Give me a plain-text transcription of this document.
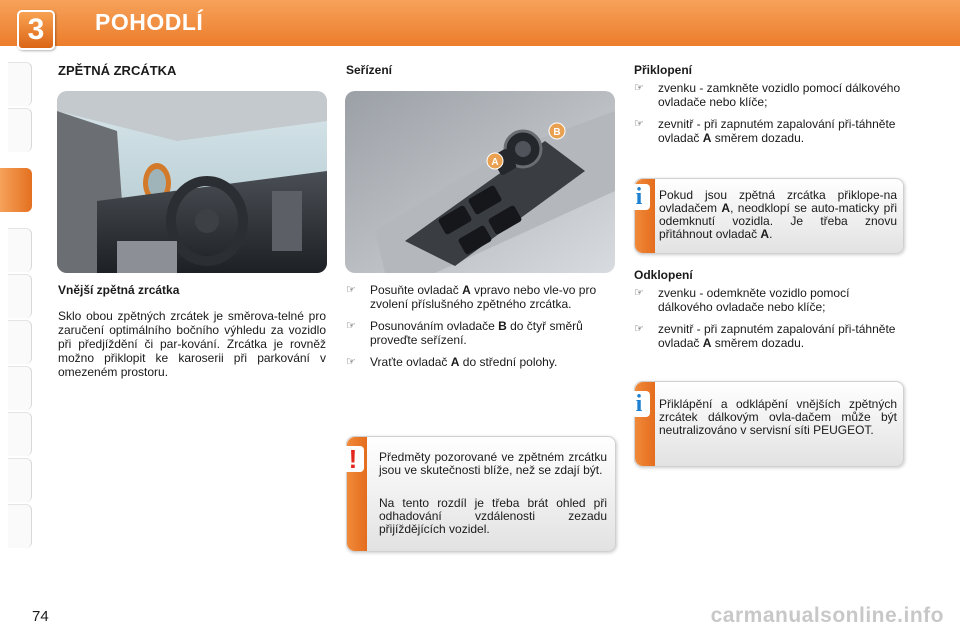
3	POHODLÍ
ZPĚTNÁ ZRCÁTKA
Vnější zpětná zrcátka
Sklo obou zpětných zrcátek je směrova-telné pro zaručení optimálního bočního výhledu za vozidlo při předjíždění či par-kování. Zrcátka je rovněž možno přiklopit ke karoserii při parkování v omezeném prostoru.
Seřízení
A
B
☞ Posuňte ovladač A vpravo nebo vle-vo pro zvolení příslušného zpětného zrcátka.
☞ Posunováním ovladače B do čtyř směrů proveďte seřízení.
☞ Vraťte ovladač A do střední polohy.
Předměty pozorované ve zpětném zrcátku jsou ve skutečnosti blíže, než se zdají být.
Na tento rozdíl je třeba brát ohled při odhadování vzdálenosti zezadu přijíždějících vozidel.
!
Přiklopení
☞ zvenku - zamkněte vozidlo pomocí dálkového ovladače nebo klíče;
☞ zevnitř - při zapnutém zapalování při-táhněte ovladač A směrem dozadu.
Pokud jsou zpětná zrcátka přiklope-na ovladačem A, neodklopí se auto-maticky při odemknutí vozidla. Je třeba znovu přitáhnout ovladač A.
i
Odklopení
☞ zvenku - odemkněte vozidlo pomocí dálkového ovladače nebo klíče;
☞ zevnitř - při zapnutém zapalování při-táhněte ovladač A směrem dozadu.
Přiklápění a odklápění vnějších zpětných zrcátek dálkovým ovla-dačem může být neutralizováno v servisní síti PEUGEOT.
i
74	carmanualsonline.info
